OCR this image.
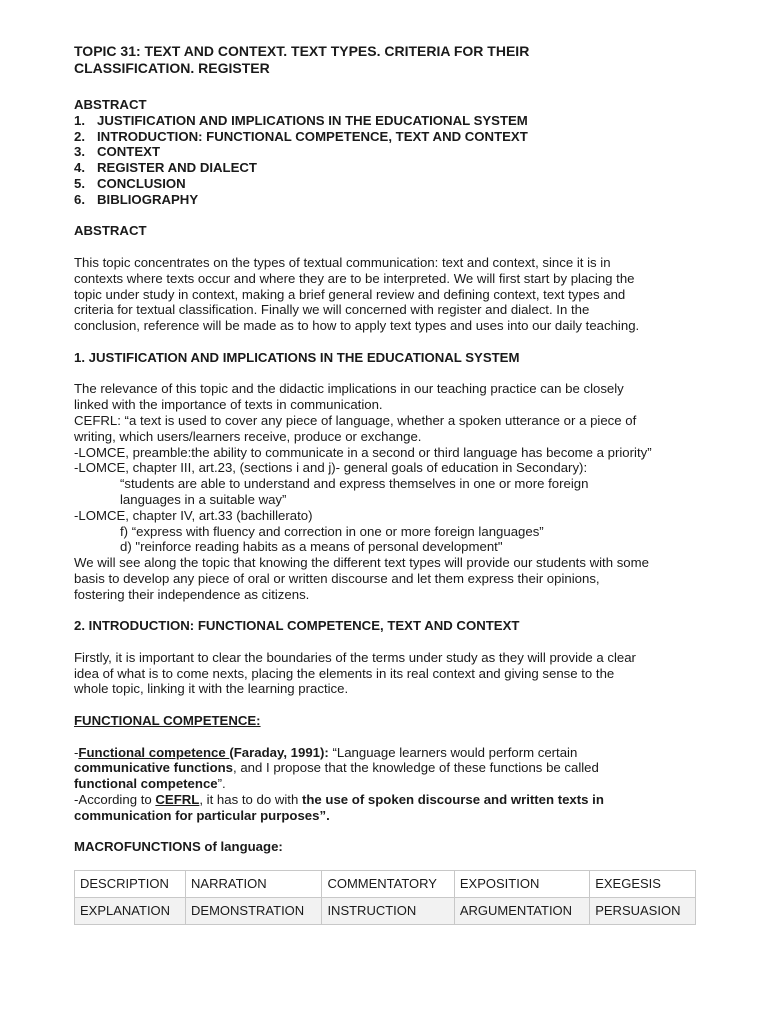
TOPIC 31: TEXT AND CONTEXT. TEXT TYPES. CRITERIA FOR THEIR

CLASSIFICATION. REGISTER

ABSTRACT

1. JUSTIFICATION AND IMPLICATIONS IN THE EDUCATIONAL SYSTEM
2. INTRODUCTION: FUNCTIONAL COMPETENCE, TEXT AND CONTEXT
3. CONTEXT
4. REGISTER AND DIALECT
5. CONCLUSION
6. BIBLIOGRAPHY

ABSTRACT

This topic concentrates on the types of textual communication: text and context, since it is in

contexts where texts occur and where they are to be interpreted. We will first start by placing the

topic under study in context, making a brief general review and defining context, text types and

criteria for textual classification. Finally we will concerned with register and dialect. In the

conclusion, reference will be made as to how to apply text types and uses into our daily teaching.

1. JUSTIFICATION AND IMPLICATIONS IN THE EDUCATIONAL SYSTEM

The relevance of this topic and the didactic implications in our teaching practice can be closely

linked with the importance of texts in communication.

CEFRL: “a text is used to cover any piece of language, whether a spoken utterance or a piece of

writing, which users/learners receive, produce or exchange.

-LOMCE, preamble:the ability to communicate in a second or third language has become a priority”

-LOMCE, chapter III, art.23, (sections i and j)- general goals of education in Secondary):

“students are able to understand and express themselves in one or more foreign

languages in a suitable way”

-LOMCE, chapter IV, art.33 (bachillerato)

f) “express with fluency and correction in one or more foreign languages”

d) "reinforce reading habits as a means of personal development"

We will see along the topic that knowing the different text types will provide our students with some

basis to develop any piece of oral or written discourse and let them express their opinions,

fostering their independence as citizens.

2. INTRODUCTION: FUNCTIONAL COMPETENCE, TEXT AND CONTEXT

Firstly, it is important to clear the boundaries of the terms under study as they will provide a clear

idea of what is to come nexts, placing the elements in its real context and giving sense to the

whole topic, linking it with the learning practice.

FUNCTIONAL COMPETENCE:

-Functional competence (Faraday, 1991): “Language learners would perform certain

communicative functions, and I propose that the knowledge of these functions be called

functional competence”.

-According to CEFRL, it has to do with the use of spoken discourse and written texts in

communication for particular purposes”.

MACROFUNCTIONS of language:

DESCRIPTION	NARRATION	COMMENTATORY	EXPOSITION	EXEGESIS
EXPLANATION	DEMONSTRATION	INSTRUCTION	ARGUMENTATION	PERSUASION
